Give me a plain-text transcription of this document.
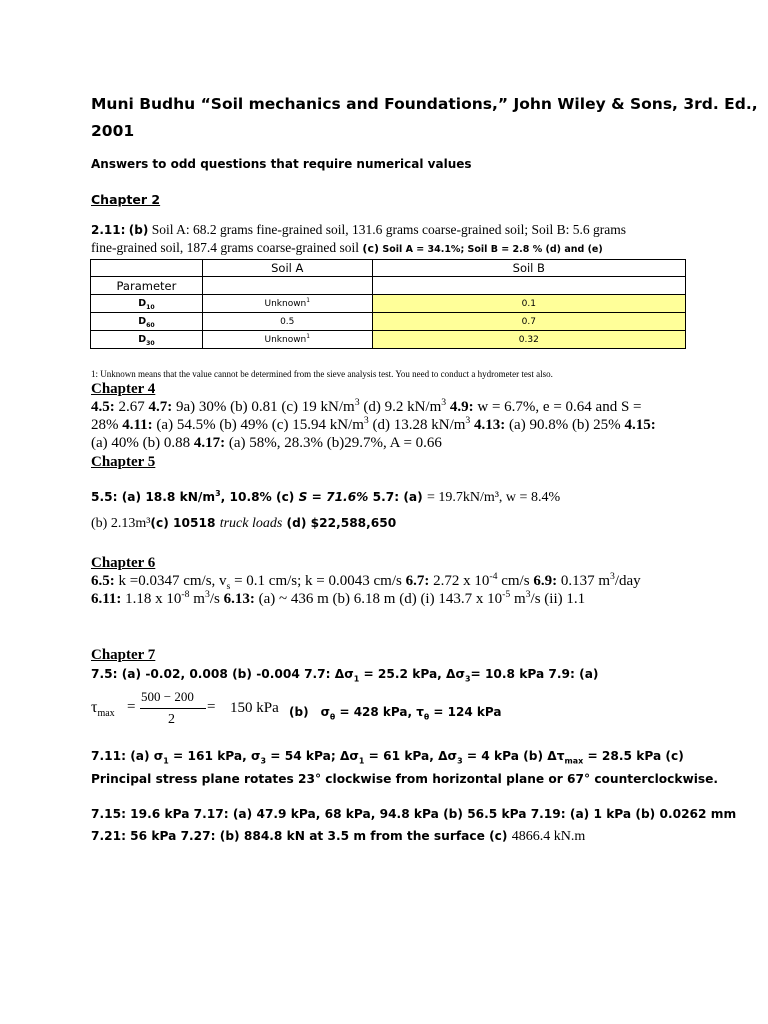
Muni Budhu “Soil mechanics and Foundations,” John Wiley & Sons, 3rd. Ed.,
2001
Answers to odd questions that require numerical values
Chapter 2
2.11: (b) Soil A: 68.2 grams fine-grained soil, 131.6 grams coarse-grained soil; Soil B: 5.6 grams
fine-grained soil, 187.4 grams coarse-grained soil (c) Soil A = 34.1%; Soil B = 2.8 % (d) and (e)
	Soil A	Soil B
Parameter		
$D_{10}$	Unknown$^1$	0.1
$D_{60}$	0.5	0.7
$D_{30}$	Unknown$^1$	0.32
1: Unknown means that the value cannot be determined from the sieve analysis test. You need to conduct a hydrometer test also.
Chapter 4
4.5: 2.67 4.7: 9a) 30% (b) 0.81 (c) 19 $kN/m^3$ (d) 9.2 $kN/m^3$ 4.9: w = 6.7%, e = 0.64 and S =
28% 4.11: (a) 54.5% (b) 49% (c) 15.94 $kN/m^3$ (d) 13.28 $kN/m^3$ 4.13: (a) 90.8% (b) 25% 4.15:
(a) 40% (b) 0.88 4.17: (a) 58%, 28.3% (b)29.7%, A = 0.66
Chapter 5
5.5: (a) 18.8 $kN/m^3$, 10.8% (c) S = 71.6% 5.7: (a) = 19.7kN/m³, w = 8.4%
(b) 2.13m³(c) 10518 truck loads (d) $22,588,650
Chapter 6
6.5: k =0.0347 cm/s, $v_s = 0.1$ cm/s; k = 0.0043 cm/s 6.7: 2.72 x $10^{-4}$ cm/s 6.9: 0.137 $m^3$/day
6.11: 1.18 x $10^{-8}$ $m^3/s$ 6.13: (a) ~ 436 m (b) 6.18 m (d) (i) 143.7 x $10^{-5}$ $m^3/s$ (ii) 1.1
Chapter 7
7.5: (a) -0.02, 0.008 (b) -0.004 7.7: $\Delta\sigma_1 = 25.2$ kPa, $\Delta\sigma_3= 10.8$ kPa 7.9: (a)
$\tau_{max}$ =
500 − 200
2
= 150 kPa (b) $\sigma_\theta = 428$ kPa, $\tau_\theta = 124$ kPa
7.11: (a) $\sigma_1 = 161$ kPa, $\sigma_3 = 54$ kPa; $\Delta\sigma_1 = 61$ kPa, $\Delta\sigma_3 = 4$ kPa (b) $\Delta\tau_{max} = 28.5$ kPa (c)
Principal stress plane rotates 23° clockwise from horizontal plane or 67° counterclockwise.
7.15: 19.6 kPa 7.17: (a) 47.9 kPa, 68 kPa, 94.8 kPa (b) 56.5 kPa 7.19: (a) 1 kPa (b) 0.0262 mm
7.21: 56 kPa 7.27: (b) 884.8 kN at 3.5 m from the surface (c) 4866.4 kN.m
